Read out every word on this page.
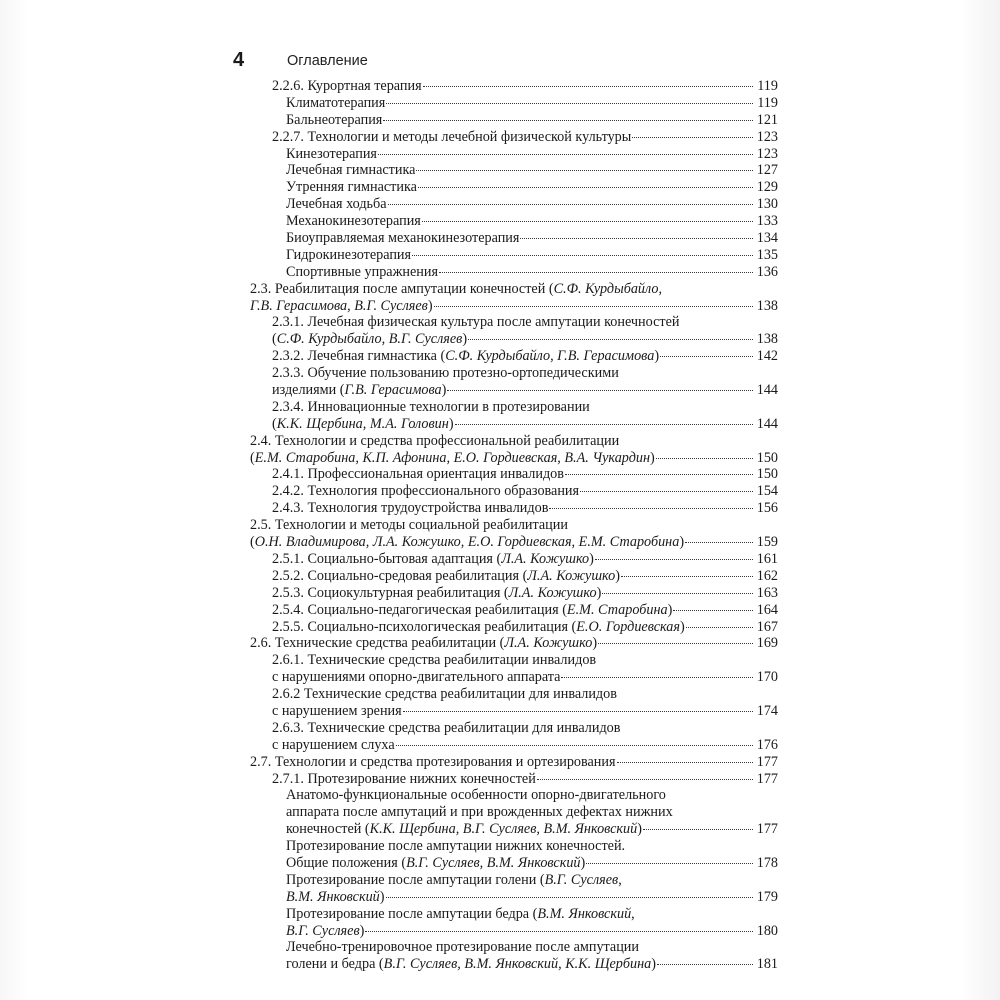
4	Оглавление
2.2.6. Курортная терапия	119
Климатотерапия	119
Бальнеотерапия	121
2.2.7. Технологии и методы лечебной физической культуры	123
Кинезотерапия	123
Лечебная гимнастика	127
Утренняя гимнастика	129
Лечебная ходьба	130
Механокинезотерапия	133
Биоуправляемая механокинезотерапия	134
Гидрокинезотерапия	135
Спортивные упражнения	136
2.3. Реабилитация после ампутации конечностей (С.Ф. Курдыбайло,
Г.В. Герасимова, В.Г. Сусляев)	138
2.3.1. Лечебная физическая культура после ампутации конечностей
(С.Ф. Курдыбайло, В.Г. Сусляев)	138
2.3.2. Лечебная гимнастика (С.Ф. Курдыбайло, Г.В. Герасимова)	142
2.3.3. Обучение пользованию протезно-ортопедическими
изделиями (Г.В. Герасимова)	144
2.3.4. Инновационные технологии в протезировании
(К.К. Щербина, М.А. Головин)	144
2.4. Технологии и средства профессиональной реабилитации
(Е.М. Старобина, К.П. Афонина, Е.О. Гордиевская, В.А. Чукардин)	150
2.4.1. Профессиональная ориентация инвалидов	150
2.4.2. Технология профессионального образования	154
2.4.3. Технология трудоустройства инвалидов	156
2.5. Технологии и методы социальной реабилитации
(О.Н. Владимирова, Л.А. Кожушко, Е.О. Гордиевская, Е.М. Старобина)	159
2.5.1. Социально-бытовая адаптация (Л.А. Кожушко)	161
2.5.2. Социально-средовая реабилитация (Л.А. Кожушко)	162
2.5.3. Социокультурная реабилитация (Л.А. Кожушко)	163
2.5.4. Социально-педагогическая реабилитация (Е.М. Старобина)	164
2.5.5. Социально-психологическая реабилитация (Е.О. Гордиевская)	167
2.6. Технические средства реабилитации (Л.А. Кожушко)	169
2.6.1. Технические средства реабилитации инвалидов
с нарушениями опорно-двигательного аппарата	170
2.6.2 Технические средства реабилитации для инвалидов
с нарушением зрения	174
2.6.3. Технические средства реабилитации для инвалидов
с нарушением слуха	176
2.7. Технологии и средства протезирования и ортезирования	177
2.7.1. Протезирование нижних конечностей	177
Анатомо-функциональные особенности опорно-двигательного
аппарата после ампутаций и при врожденных дефектах нижних
конечностей (К.К. Щербина, В.Г. Сусляев, В.М. Янковский)	177
Протезирование после ампутации нижних конечностей.
Общие положения (В.Г. Сусляев, В.М. Янковский)	178
Протезирование после ампутации голени (В.Г. Сусляев,
В.М. Янковский)	179
Протезирование после ампутации бедра (В.М. Янковский,
В.Г. Сусляев)	180
Лечебно-тренировочное протезирование после ампутации
голени и бедра (В.Г. Сусляев, В.М. Янковский, К.К. Щербина)	181
